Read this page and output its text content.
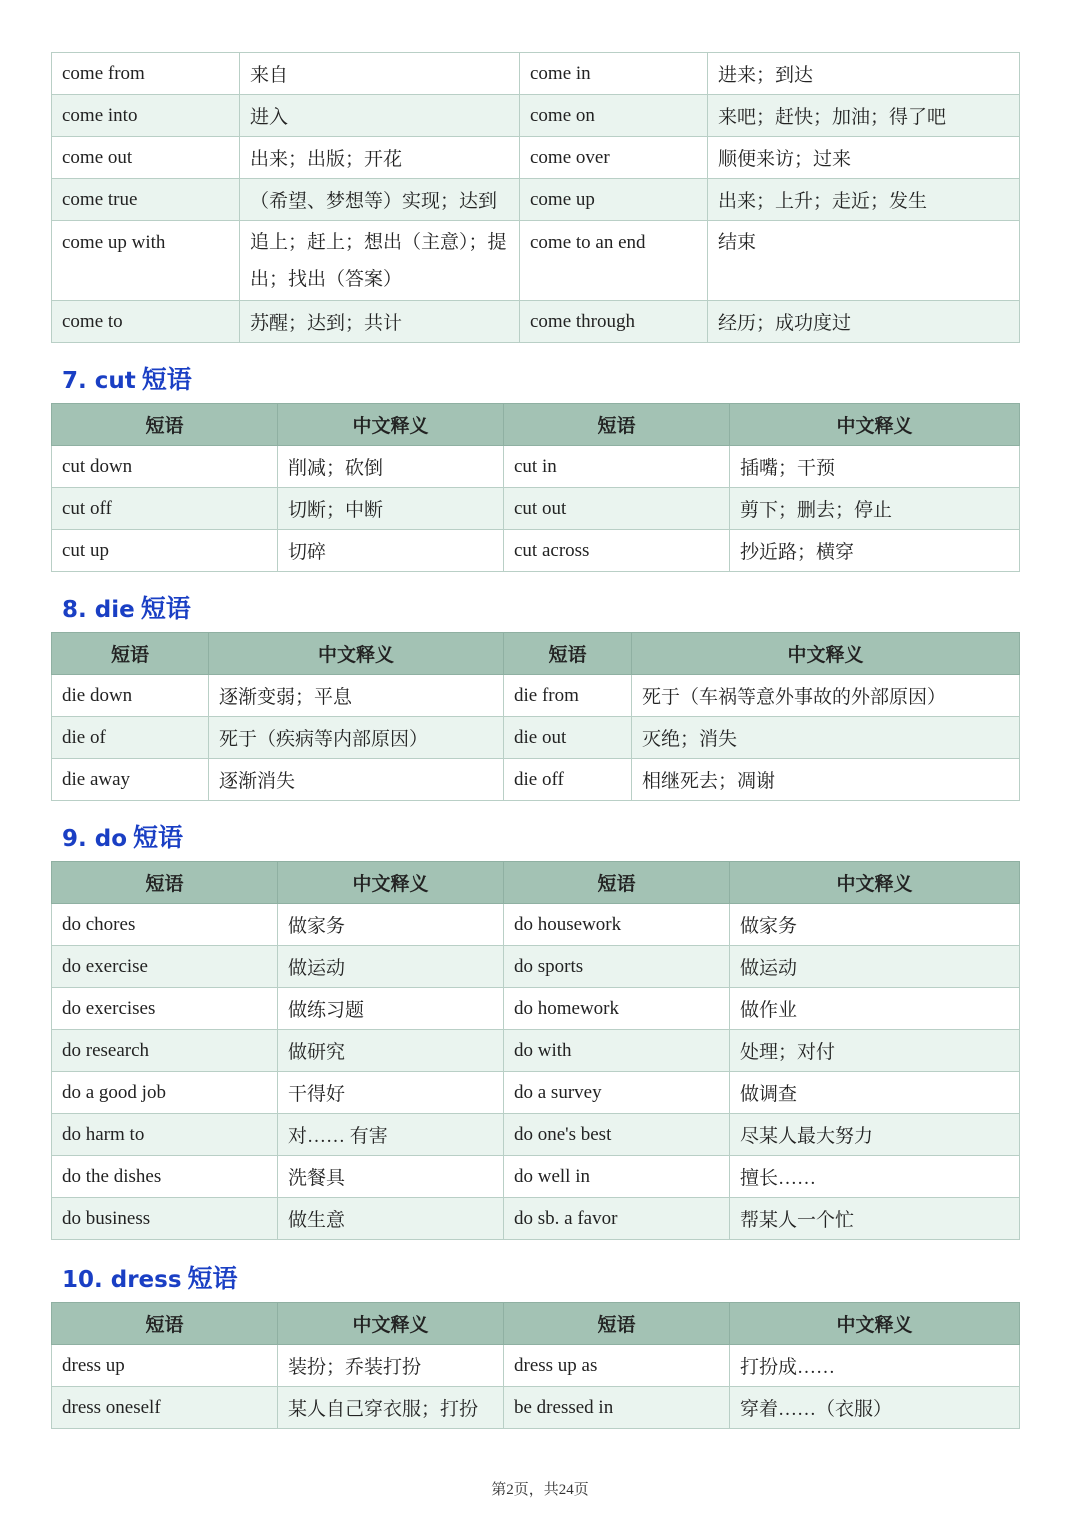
come from	来自	come in	进来；到达
come into	进入	come on	来吧；赶快；加油；得了吧
come out	出来；出版；开花	come over	顺便来访；过来
come true	（希望、梦想等）实现；达到	come up	出来；上升；走近；发生
come up with	追上；赶上；想出（主意）；提出；找出（答案）	come to an end	结束
come to	苏醒；达到；共计	come through	经历；成功度过
7. cut 短语
短语	中文释义	短语	中文释义
cut down	削减；砍倒	cut in	插嘴；干预
cut off	切断；中断	cut out	剪下；删去；停止
cut up	切碎	cut across	抄近路；横穿
8. die 短语
短语	中文释义	短语	中文释义
die down	逐渐变弱；平息	die from	死于（车祸等意外事故的外部原因）
die of	死于（疾病等内部原因）	die out	灭绝；消失
die away	逐渐消失	die off	相继死去；凋谢
9. do 短语
短语	中文释义	短语	中文释义
do chores	做家务	do housework	做家务
do exercise	做运动	do sports	做运动
do exercises	做练习题	do homework	做作业
do research	做研究	do with	处理；对付
do a good job	干得好	do a survey	做调查
do harm to	对…… 有害	do one's best	尽某人最大努力
do the dishes	洗餐具	do well in	擅长……
do business	做生意	do sb. a favor	帮某人一个忙
10. dress 短语
短语	中文释义	短语	中文释义
dress up	装扮；乔装打扮	dress up as	打扮成……
dress oneself	某人自己穿衣服；打扮	be dressed in	穿着……（衣服）
第2页，共24页
